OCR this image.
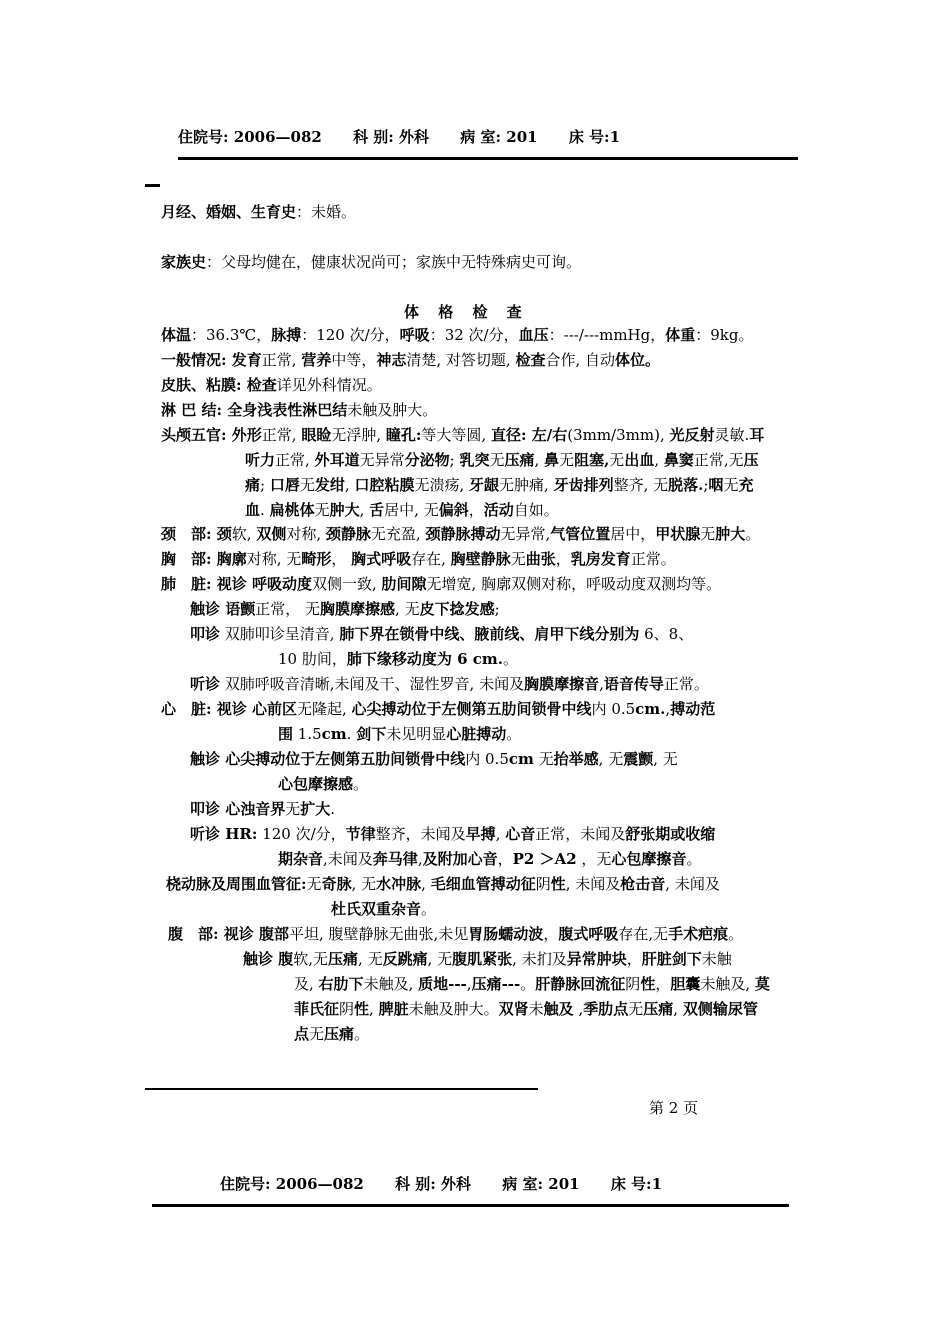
住院号: 2006—082 科 别: 外科 病 室: 201 床 号:1
月经、婚姻、生育史：未婚。
家族史：父母均健在，健康状况尚可；家族中无特殊病史可询。
体 格 检 查
体温：36.3℃，脉搏：120 次/分，呼吸：32 次/分，血压：---/---mmHg，体重：9kg。
一般情况: 发育正常, 营养中等，神志清楚, 对答切题, 检查合作, 自动体位。
皮肤、粘膜: 检查详见外科情况。
淋 巴 结: 全身浅表性淋巴结未触及肿大。
头颅五官: 外形正常, 眼睑无浮肿, 瞳孔:等大等圆, 直径: 左/右(3mm/3mm), 光反射灵敏.耳
听力正常, 外耳道无异常分泌物; 乳突无压痛, 鼻无阻塞,无出血, 鼻窦正常,无压
痛; 口唇无发绀, 口腔粘膜无溃疡, 牙龈无肿痛, 牙齿排列整齐, 无脱落.;咽无充
血. 扁桃体无肿大, 舌居中, 无偏斜，活动自如。
颈　部: 颈软, 双侧对称, 颈静脉无充盈, 颈静脉搏动无异常,气管位置居中，甲状腺无肿大。
胸　部: 胸廓对称, 无畸形， 胸式呼吸存在, 胸壁静脉无曲张，乳房发育正常。
肺　脏: 视诊 呼吸动度双侧一致, 肋间隙无增宽, 胸廓双侧对称，呼吸动度双测均等。
触诊 语颤正常， 无胸膜摩擦感, 无皮下捻发感;
叩诊 双肺叩诊呈清音, 肺下界在锁骨中线、腋前线、肩甲下线分别为 6、8、
10 肋间，肺下缘移动度为 6 cm.。
听诊 双肺呼吸音清晰,未闻及干、湿性罗音, 未闻及胸膜摩擦音,语音传导正常。
心　脏: 视诊 心前区无隆起, 心尖搏动位于左侧第五肋间锁骨中线内 0.5cm.,搏动范
围 1.5cm. 剑下未见明显心脏搏动。
触诊 心尖搏动位于左侧第五肋间锁骨中线内 0.5cm 无抬举感, 无震颤, 无
心包摩擦感。
叩诊 心浊音界无扩大.
听诊 HR: 120 次/分，节律整齐，未闻及早搏, 心音正常，未闻及舒张期或收缩
期杂音,未闻及奔马律,及附加心音，P2 ＞A2 ，无心包摩擦音。
桡动脉及周围血管征:无奇脉, 无水冲脉, 毛细血管搏动征阴性, 未闻及枪击音, 未闻及
杜氏双重杂音。
腹　部: 视诊 腹部平坦, 腹壁静脉无曲张,未见胃肠蠕动波，腹式呼吸存在,无手术疤痕。
触诊 腹软,无压痛, 无反跳痛, 无腹肌紧张, 未扪及异常肿块，肝脏剑下未触
及, 右肋下未触及, 质地---,压痛---。肝静脉回流征阴性，胆囊未触及, 莫
菲氏征阴性, 脾脏未触及肿大。双肾未触及 ,季肋点无压痛, 双侧输尿管
点无压痛。
第 2 页
住院号: 2006—082 科 别: 外科 病 室: 201 床 号:1
